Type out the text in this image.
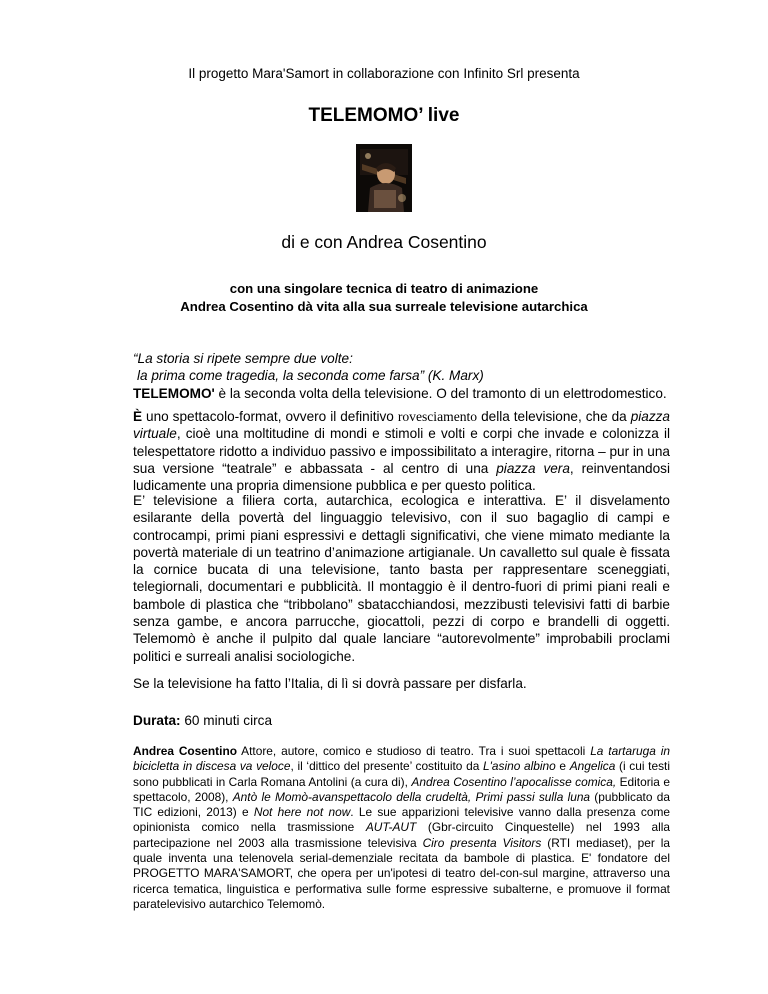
Il progetto Mara'Samort in collaborazione con Infinito Srl presenta
TELEMOMO’ live
di e con Andrea Cosentino
con una singolare tecnica di teatro di animazione
Andrea Cosentino dà vita alla sua surreale televisione autarchica
“La storia si ripete sempre due volte:
la prima come tragedia, la seconda come farsa” (K. Marx)
TELEMOMO' è la seconda volta della televisione. O del tramonto di un elettrodomestico.

È uno spettacolo-format, ovvero il definitivo rovesciamento della televisione, che da piazza virtuale, cioè una moltitudine di mondi e stimoli e volti e corpi che invade e colonizza il telespettatore ridotto a individuo passivo e impossibilitato a interagire, ritorna – pur in una sua versione “teatrale” e abbassata - al centro di una piazza vera, reinventandosi ludicamente una propria dimensione pubblica e per questo politica.

E’ televisione a filiera corta, autarchica, ecologica e interattiva. E’ il disvelamento esilarante della povertà del linguaggio televisivo, con il suo bagaglio di campi e controcampi, primi piani espressivi e dettagli significativi, che viene mimato mediante la povertà materiale di un teatrino d’animazione artigianale. Un cavalletto sul quale è fissata la cornice bucata di una televisione, tanto basta per rappresentare sceneggiati, telegiornali, documentari e pubblicità. Il montaggio è il dentro-fuori di primi piani reali e bambole di plastica che “tribbolano” sbatacchiandosi, mezzibusti televisivi fatti di barbie senza gambe, e ancora parrucche, giocattoli, pezzi di corpo e brandelli di oggetti. Telemomò è anche il pulpito dal quale lanciare “autorevolmente” improbabili proclami politici e surreali analisi sociologiche.

Se la televisione ha fatto l’Italia, di lì si dovrà passare per disfarla.

Durata: 60 minuti circa

Andrea Cosentino Attore, autore, comico e studioso di teatro. Tra i suoi spettacoli La tartaruga in bicicletta in discesa va veloce, il ‘dittico del presente’ costituito da L'asino albino e Angelica (i cui testi sono pubblicati in Carla Romana Antolini (a cura di), Andrea Cosentino l’apocalisse comica, Editoria e spettacolo, 2008), Antò le Momò-avanspettacolo della crudeltà, Primi passi sulla luna (pubblicato da TIC edizioni, 2013) e Not here not now. Le sue apparizioni televisive vanno dalla presenza come opinionista comico nella trasmissione AUT-AUT (Gbr-circuito Cinquestelle) nel 1993 alla partecipazione nel 2003 alla trasmissione televisiva Ciro presenta Visitors (RTI mediaset), per la quale inventa una telenovela serial-demenziale recitata da bambole di plastica. E' fondatore del PROGETTO MARA'SAMORT, che opera per un'ipotesi di teatro del-con-sul margine, attraverso una ricerca tematica, linguistica e performativa sulle forme espressive subalterne, e promuove il format paratelevisivo autarchico Telemomò.
